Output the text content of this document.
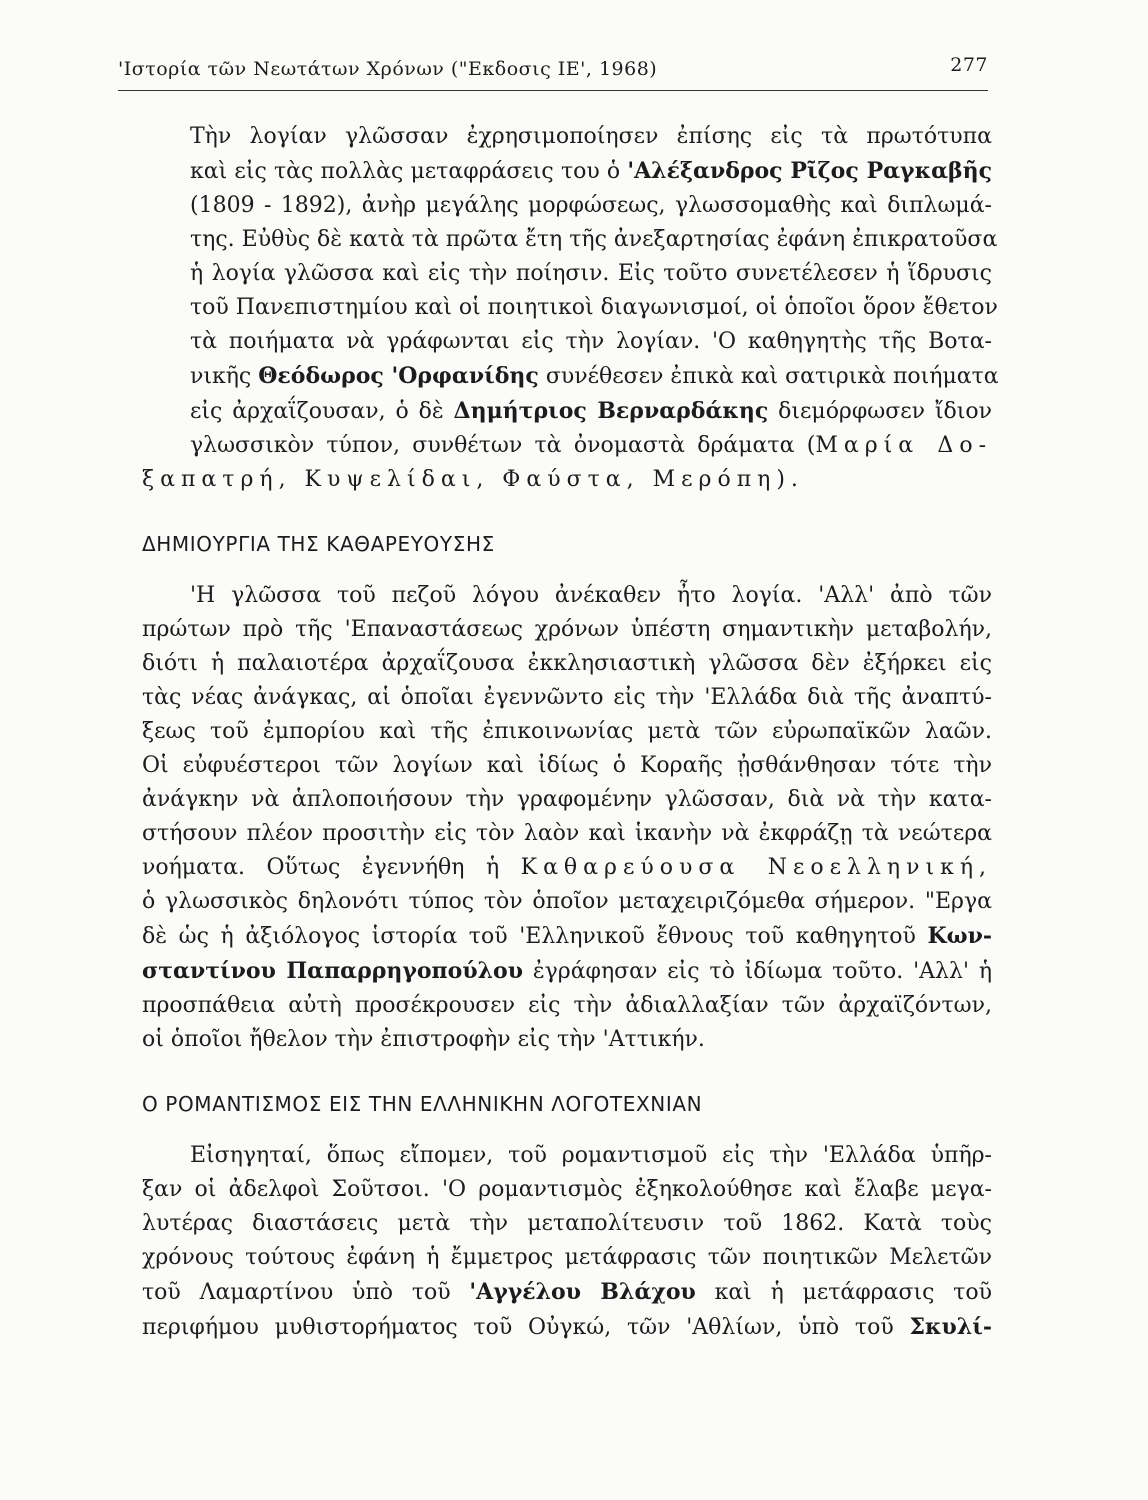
'Ιστορία τῶν Νεωτάτων Χρόνων ("Εκδοσις ΙΕ', 1968)	277
Τὴν λογίαν γλῶσσαν ἐχρησιμοποίησεν ἐπίσης εἰς τὰ πρωτότυπα
καὶ εἰς τὰς πολλὰς μεταφράσεις του ὁ 'Αλέξανδρος Ρῖζος Ραγκαβῆς
(1809 - 1892), ἀνὴρ μεγάλης μορφώσεως, γλωσσομαθὴς καὶ διπλωμά-
της. Εὐθὺς δὲ κατὰ τὰ πρῶτα ἔτη τῆς ἀνεξαρτησίας ἐφάνη ἐπικρατοῦσα
ἡ λογία γλῶσσα καὶ εἰς τὴν ποίησιν. Εἰς τοῦτο συνετέλεσεν ἡ ἵδρυσις
τοῦ Πανεπιστημίου καὶ οἱ ποιητικοὶ διαγωνισμοί, οἱ ὁποῖοι ὅρον ἔθετον
τὰ ποιήματα νὰ γράφωνται εἰς τὴν λογίαν. 'Ο καθηγητὴς τῆς Βοτα-
νικῆς Θεόδωρος 'Ορφανίδης συνέθεσεν ἐπικὰ καὶ σατιρικὰ ποιήματα
εἰς ἀρχαΐζουσαν, ὁ δὲ Δημήτριος Βερναρδάκης διεμόρφωσεν ἴδιον
γλωσσικὸν τύπον, συνθέτων τὰ ὀνομαστὰ δράματα (Μαρία Δο-
ξαπατρή, Κυψελίδαι, Φαύστα, Μερόπη).

ΔΗΜΙΟΥΡΓΙΑ ΤΗΣ ΚΑΘΑΡΕΥΟΥΣΗΣ

'Η γλῶσσα τοῦ πεζοῦ λόγου ἀνέκαθεν ἦτο λογία. 'Αλλ' ἀπὸ τῶν
πρώτων πρὸ τῆς 'Επαναστάσεως χρόνων ὑπέστη σημαντικὴν μεταβολήν,
διότι ἡ παλαιοτέρα ἀρχαΐζουσα ἐκκλησιαστικὴ γλῶσσα δὲν ἐξήρκει εἰς
τὰς νέας ἀνάγκας, αἱ ὁποῖαι ἐγεννῶντο εἰς τὴν 'Ελλάδα διὰ τῆς ἀναπτύ-
ξεως τοῦ ἐμπορίου καὶ τῆς ἐπικοινωνίας μετὰ τῶν εὐρωπαϊκῶν λαῶν.
Οἱ εὐφυέστεροι τῶν λογίων καὶ ἰδίως ὁ Κοραῆς ᾐσθάνθησαν τότε τὴν
ἀνάγκην νὰ ἁπλοποιήσουν τὴν γραφομένην γλῶσσαν, διὰ νὰ τὴν κατα-
στήσουν πλέον προσιτὴν εἰς τὸν λαὸν καὶ ἱκανὴν νὰ ἐκφράζῃ τὰ νεώτερα
νοήματα. Οὕτως ἐγεννήθη ἡ Καθαρεύουσα Νεοελληνική,
ὁ γλωσσικὸς δηλονότι τύπος τὸν ὁποῖον μεταχειριζόμεθα σήμερον. "Εργα
δὲ ὡς ἡ ἀξιόλογος ἱστορία τοῦ 'Ελληνικοῦ ἔθνους τοῦ καθηγητοῦ Κων-
σταντίνου Παπαρρηγοπούλου ἐγράφησαν εἰς τὸ ἰδίωμα τοῦτο. 'Αλλ' ἡ
προσπάθεια αὐτὴ προσέκρουσεν εἰς τὴν ἀδιαλλαξίαν τῶν ἀρχαϊζόντων,
οἱ ὁποῖοι ἤθελον τὴν ἐπιστροφὴν εἰς τὴν 'Αττικήν.

Ο ΡΟΜΑΝΤΙΣΜΟΣ ΕΙΣ ΤΗΝ ΕΛΛΗΝΙΚΗΝ ΛΟΓΟΤΕΧΝΙΑΝ

Εἰσηγηταί, ὅπως εἴπομεν, τοῦ ρομαντισμοῦ εἰς τὴν 'Ελλάδα ὑπῆρ-
ξαν οἱ ἀδελφοὶ Σοῦτσοι. 'Ο ρομαντισμὸς ἐξηκολούθησε καὶ ἔλαβε μεγα-
λυτέρας διαστάσεις μετὰ τὴν μεταπολίτευσιν τοῦ 1862. Κατὰ τοὺς
χρόνους τούτους ἐφάνη ἡ ἔμμετρος μετάφρασις τῶν ποιητικῶν Μελετῶν
τοῦ Λαμαρτίνου ὑπὸ τοῦ 'Αγγέλου Βλάχου καὶ ἡ μετάφρασις τοῦ
περιφήμου μυθιστορήματος τοῦ Οὐγκώ, τῶν 'Αθλίων, ὑπὸ τοῦ Σκυλί-
